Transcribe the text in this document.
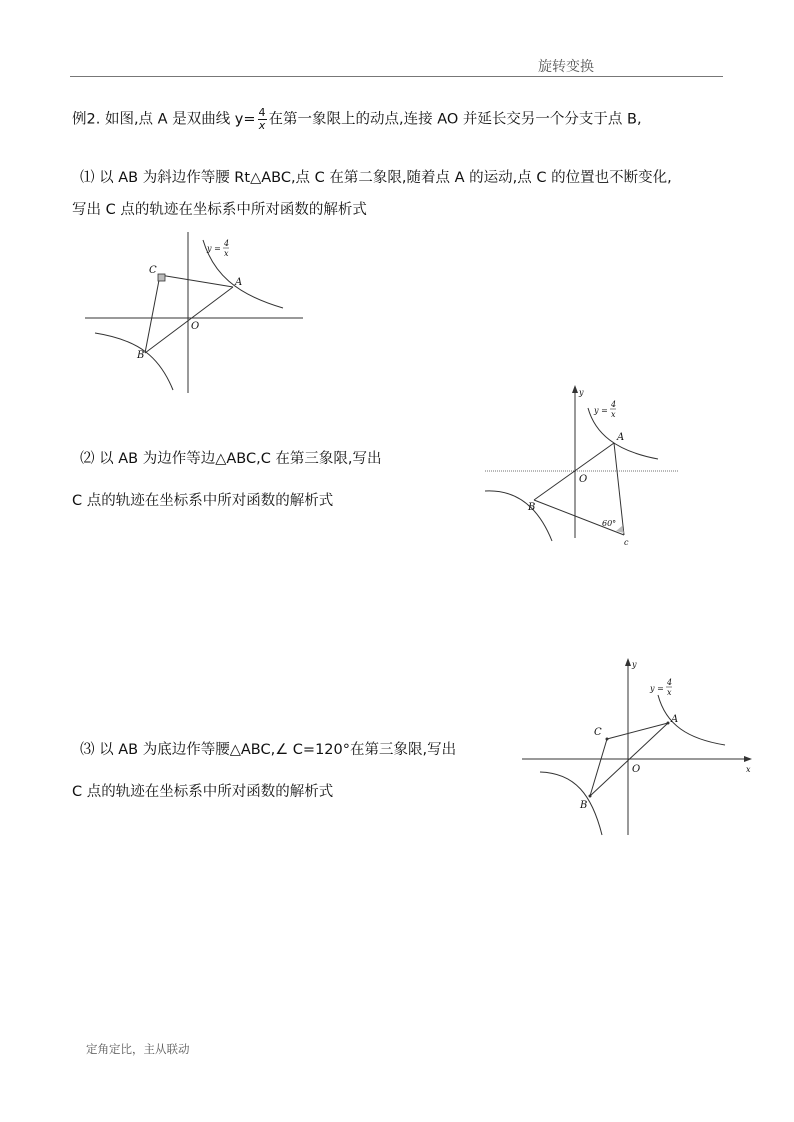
旋转变换
例2. 如图,点 A 是双曲线 $y= \frac{4}{x}$ 在第一象限上的动点,连接 AO 并延长交另一个分支于点 B,
⑴ 以 AB 为斜边作等腰 Rt△ABC,点 C 在第二象限,随着点 A 的运动,点 C 的位置也不断变化,
写出 C 点的轨迹在坐标系中所对函数的解析式
C
A
B
O
y =
4
x
⑵ 以 AB 为边作等边△ABC,C 在第三象限,写出
C 点的轨迹在坐标系中所对函数的解析式
y
A
B
c
O
60°
y =
4
x
⑶ 以 AB 为底边作等腰△ABC,∠ C=120°在第三象限,写出
C 点的轨迹在坐标系中所对函数的解析式
x
y
C
A
B
O
y =
4
x
定角定比，主从联动
